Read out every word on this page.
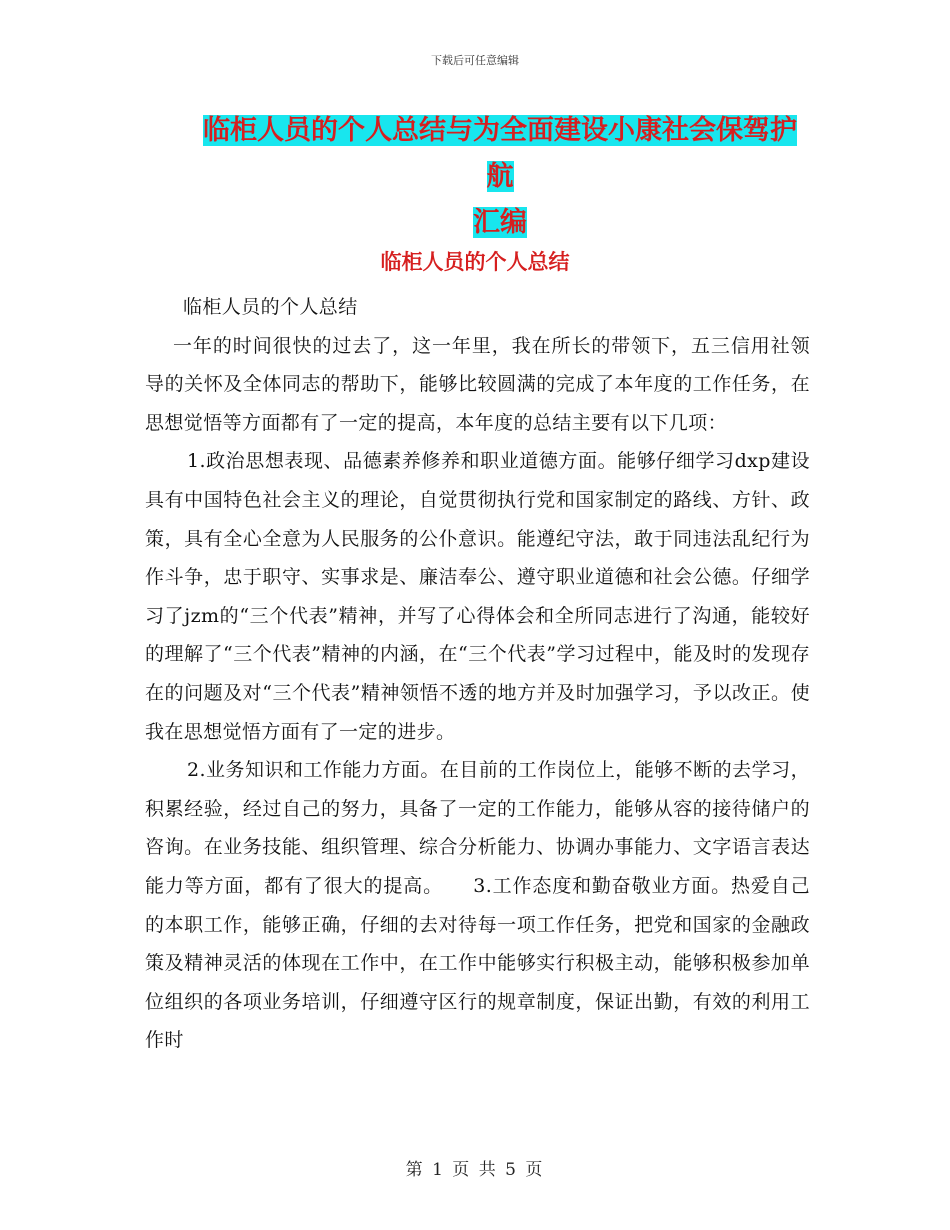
下载后可任意编辑
临柜人员的个人总结与为全面建设小康社会保驾护航
汇编
临柜人员的个人总结

临柜人员的个人总结

一年的时间很快的过去了，这一年里，我在所长的带领下，五三信用社领导的关怀及全体同志的帮助下，能够比较圆满的完成了本年度的工作任务，在思想觉悟等方面都有了一定的提高，本年度的总结主要有以下几项：

1.政治思想表现、品德素养修养和职业道德方面。能够仔细学习dxp建设具有中国特色社会主义的理论，自觉贯彻执行党和国家制定的路线、方针、政策，具有全心全意为人民服务的公仆意识。能遵纪守法，敢于同违法乱纪行为作斗争，忠于职守、实事求是、廉洁奉公、遵守职业道德和社会公德。仔细学习了jzm的“三个代表”精神，并写了心得体会和全所同志进行了沟通，能较好的理解了“三个代表”精神的内涵，在“三个代表”学习过程中，能及时的发现存在的问题及对“三个代表”精神领悟不透的地方并及时加强学习，予以改正。使我在思想觉悟方面有了一定的进步。

2.业务知识和工作能力方面。在目前的工作岗位上，能够不断的去学习，积累经验，经过自己的努力，具备了一定的工作能力，能够从容的接待储户的咨询。在业务技能、组织管理、综合分析能力、协调办事能力、文字语言表达能力等方面，都有了很大的提高。　　3.工作态度和勤奋敬业方面。热爱自己的本职工作，能够正确，仔细的去对待每一项工作任务，把党和国家的金融政策及精神灵活的体现在工作中，在工作中能够实行积极主动，能够积极参加单位组织的各项业务培训，仔细遵守区行的规章制度，保证出勤，有效的利用工作时

第 1 页 共 5 页
